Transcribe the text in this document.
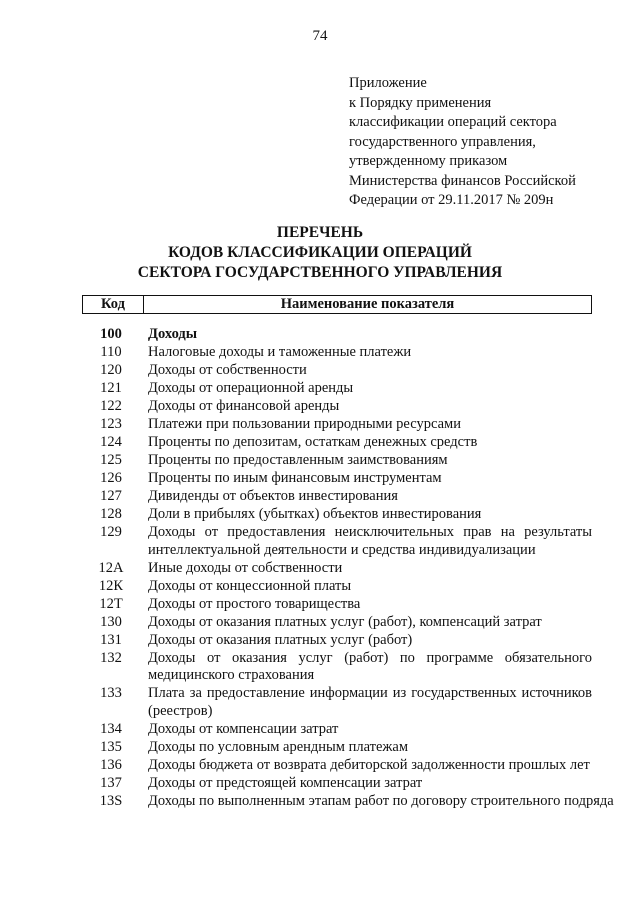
74
Приложение
к Порядку применения
классификации операций сектора
государственного управления,
утвержденному приказом
Министерства финансов Российской
Федерации от 29.11.2017 № 209н
ПЕРЕЧЕНЬ
КОДОВ КЛАССИФИКАЦИИ ОПЕРАЦИЙ
СЕКТОРА ГОСУДАРСТВЕННОГО УПРАВЛЕНИЯ
Код	Наименование показателя
100	Доходы
110	Налоговые доходы и таможенные платежи
120	Доходы от собственности
121	Доходы от операционной аренды
122	Доходы от финансовой аренды
123	Платежи при пользовании природными ресурсами
124	Проценты по депозитам, остаткам денежных средств
125	Проценты по предоставленным заимствованиям
126	Проценты по иным финансовым инструментам
127	Дивиденды от объектов инвестирования
128	Доли в прибылях (убытках) объектов инвестирования
129	Доходы от предоставления неисключительных прав на результаты интеллектуальной деятельности и средства индивидуализации
12А	Иные доходы от собственности
12К	Доходы от концессионной платы
12Т	Доходы от простого товарищества
130	Доходы от оказания платных услуг (работ), компенсаций затрат
131	Доходы от оказания платных услуг (работ)
132	Доходы от оказания услуг (работ) по программе обязательного медицинского страхования
133	Плата за предоставление информации из государственных источников (реестров)
134	Доходы от компенсации затрат
135	Доходы по условным арендным платежам
136	Доходы бюджета от возврата дебиторской задолженности прошлых лет
137	Доходы от предстоящей компенсации затрат
13S	Доходы по выполненным этапам работ по договору строительного подряда
